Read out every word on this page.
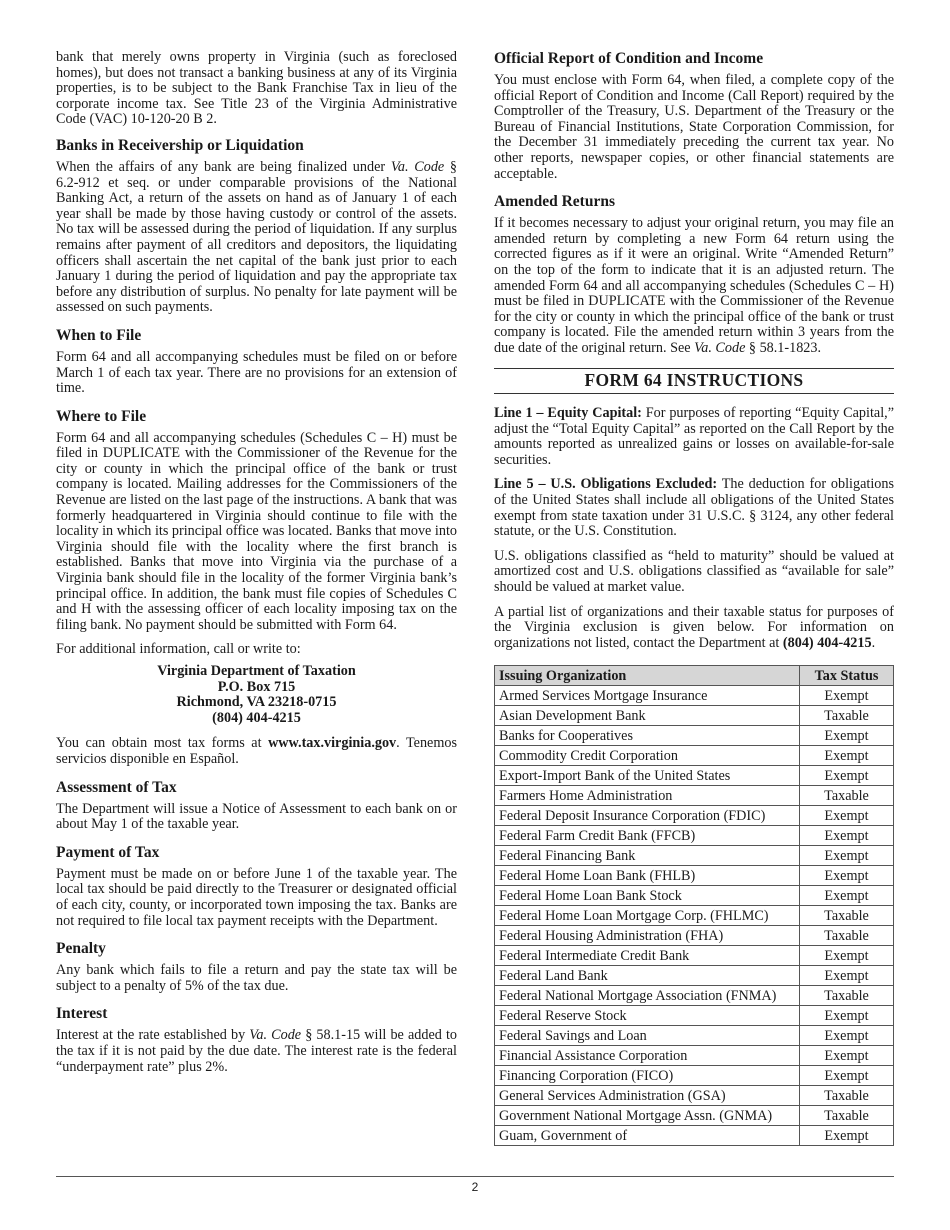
bank that merely owns property in Virginia (such as foreclosed homes), but does not transact a banking business at any of its Virginia properties, is to be subject to the Bank Franchise Tax in lieu of the corporate income tax. See Title 23 of the Virginia Administrative Code (VAC) 10-120-20 B 2.

Banks in Receivership or Liquidation

When the affairs of any bank are being finalized under Va. Code § 6.2-912 et seq. or under comparable provisions of the National Banking Act, a return of the assets on hand as of January 1 of each year shall be made by those having custody or control of the assets. No tax will be assessed during the period of liquidation. If any surplus remains after payment of all creditors and depositors, the liquidating officers shall ascertain the net capital of the bank just prior to each January 1 during the period of liquidation and pay the appropriate tax before any distribution of surplus. No penalty for late payment will be assessed on such payments.

When to File

Form 64 and all accompanying schedules must be filed on or before March 1 of each tax year. There are no provisions for an extension of time.

Where to File

Form 64 and all accompanying schedules (Schedules C – H) must be filed in DUPLICATE with the Commissioner of the Revenue for the city or county in which the principal office of the bank or trust company is located. Mailing addresses for the Commissioners of the Revenue are listed on the last page of the instructions. A bank that was formerly headquartered in Virginia should continue to file with the locality in which its principal office was located. Banks that move into Virginia should file with the locality where the first branch is established. Banks that move into Virginia via the purchase of a Virginia bank should file in the locality of the former Virginia bank’s principal office. In addition, the bank must file copies of Schedules C and H with the assessing officer of each locality imposing tax on the filing bank. No payment should be submitted with Form 64.

For additional information, call or write to:

Virginia Department of Taxation
P.O. Box 715
Richmond, VA 23218-0715
(804) 404-4215

You can obtain most tax forms at www.tax.virginia.gov. Tenemos servicios disponible en Español.

Assessment of Tax

The Department will issue a Notice of Assessment to each bank on or about May 1 of the taxable year.

Payment of Tax

Payment must be made on or before June 1 of the taxable year. The local tax should be paid directly to the Treasurer or designated official of each city, county, or incorporated town imposing the tax. Banks are not required to file local tax payment receipts with the Department.

Penalty

Any bank which fails to file a return and pay the state tax will be subject to a penalty of 5% of the tax due.

Interest

Interest at the rate established by Va. Code § 58.1-15 will be added to the tax if it is not paid by the due date. The interest rate is the federal “underpayment rate” plus 2%.

Official Report of Condition and Income

You must enclose with Form 64, when filed, a complete copy of the official Report of Condition and Income (Call Report) required by the Comptroller of the Treasury, U.S. Department of the Treasury or the Bureau of Financial Institutions, State Corporation Commission, for the December 31 immediately preceding the current tax year. No other reports, newspaper copies, or other financial statements are acceptable.

Amended Returns

If it becomes necessary to adjust your original return, you may file an amended return by completing a new Form 64 return using the corrected figures as if it were an original. Write “Amended Return” on the top of the form to indicate that it is an adjusted return. The amended Form 64 and all accompanying schedules (Schedules C – H) must be filed in DUPLICATE with the Commissioner of the Revenue for the city or county in which the principal office of the bank or trust company is located. File the amended return within 3 years from the due date of the original return. See Va. Code § 58.1-1823.

FORM 64 INSTRUCTIONS

Line 1 – Equity Capital: For purposes of reporting “Equity Capital,” adjust the “Total Equity Capital” as reported on the Call Report by the amounts reported as unrealized gains or losses on available-for-sale securities.

Line 5 – U.S. Obligations Excluded: The deduction for obligations of the United States shall include all obligations of the United States exempt from state taxation under 31 U.S.C. § 3124, any other federal statute, or the U.S. Constitution.

U.S. obligations classified as “held to maturity” should be valued at amortized cost and U.S. obligations classified as “available for sale” should be valued at market value.

A partial list of organizations and their taxable status for purposes of the Virginia exclusion is given below. For information on organizations not listed, contact the Department at (804) 404-4215.

Issuing Organization	Tax Status
Armed Services Mortgage Insurance	Exempt
Asian Development Bank	Taxable
Banks for Cooperatives	Exempt
Commodity Credit Corporation	Exempt
Export-Import Bank of the United States	Exempt
Farmers Home Administration	Taxable
Federal Deposit Insurance Corporation (FDIC)	Exempt
Federal Farm Credit Bank (FFCB)	Exempt
Federal Financing Bank	Exempt
Federal Home Loan Bank (FHLB)	Exempt
Federal Home Loan Bank Stock	Exempt
Federal Home Loan Mortgage Corp. (FHLMC)	Taxable
Federal Housing Administration (FHA)	Taxable
Federal Intermediate Credit Bank	Exempt
Federal Land Bank	Exempt
Federal National Mortgage Association (FNMA)	Taxable
Federal Reserve Stock	Exempt
Federal Savings and Loan	Exempt
Financial Assistance Corporation	Exempt
Financing Corporation (FICO)	Exempt
General Services Administration (GSA)	Taxable
Government National Mortgage Assn. (GNMA)	Taxable
Guam, Government of	Exempt
2
